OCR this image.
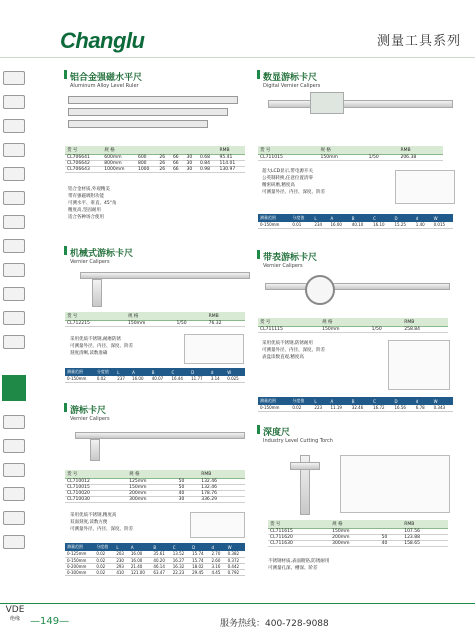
Changlu	测量工具系列
VDE
绝缘
铝合金强磁水平尺
Aluminum Alloy Level Ruler
货 号	规 格						RMB
CL706641	600mm	600	26	66	30	0.68	95.41
CL706642	800mm	800	26	66	30	0.84	114.01
CL706643	1000mm	1000	26	66	30	0.98	130.97
铝合金材质,外观精美
带有强磁吸附功能
可测水平、垂直、45°角
精度高,坚固耐用
适合各种场合使用
数显游标卡尺
Digital Vernier Calipers
货 号	规 格		RMB
CL711015	150mm	1/50	206.38
超大LCD显示,带电源开关
公英制转换,任意位置清零
精密研磨,精度高
可测量外径、内径、深度、阶差
测量范围	分度值	L	A	B	C	D	d	W
0-150mm	0.01	234	16.00	40.10	16.10	15.25	1.40	0.015
机械式游标卡尺
Vernier Calipers
货 号	规 格		RMB
CL712215	150mm	1/50	76.32
采用优质不锈钢,耐磨防锈
可测量外径、内径、深度、阶差
刻度清晰,读数准确
测量范围	分度值	L	A	B	C	D	d	W
0-150mm	0.02	237	16.00	40.07	16.44	11.77	3.14	0.025
带表游标卡尺
Vernier Calipers
货 号	规 格		RMB
CL711115	150mm	1/50	258.84
采用优质不锈钢,防锈耐用
可测量外径、内径、深度、阶差
表盘读数直观,精度高
测量范围	分度值	L	A	B	C	D	d	W
0-150mm	0.02	223	11.19	32.46	16.72	16.56	6.78	0.343
游标卡尺
Vernier Calipers
货 号	规 格		RMB
CL710012	125mm	50	132.46
CL710015	150mm	50	132.46
CL710020	200mm	40	178.76
CL710030	300mm	30	336.29
采用优质不锈钢,精度高
双面刻度,读数方便
可测量外径、内径、深度、阶差
测量范围	分度值	L	A	B	C	D	d	W
0-125mm	0.02	203	16.00	35.61	13.52	15.74	2.70	0.382
0-150mm	0.02	230	16.00	40.20	16.27	15.74	2.60	0.372
0-200mm	0.02	293	21.40	46.14	16.32	18.02	3.16	0.442
0-300mm	0.02	410	121.00	63.47	22.23	29.45	4.45	0.792
深度尺
Industry Level Cutting Torch
货 号	规 格		RMB
CL711615	150mm		107.56
CL711620	200mm	50	123.88
CL711630	300mm	40	158.65
不锈钢材质,表面镀铬,防锈耐用
可测量孔深、槽深、阶差
—149—	服务热线：400-728-9088
